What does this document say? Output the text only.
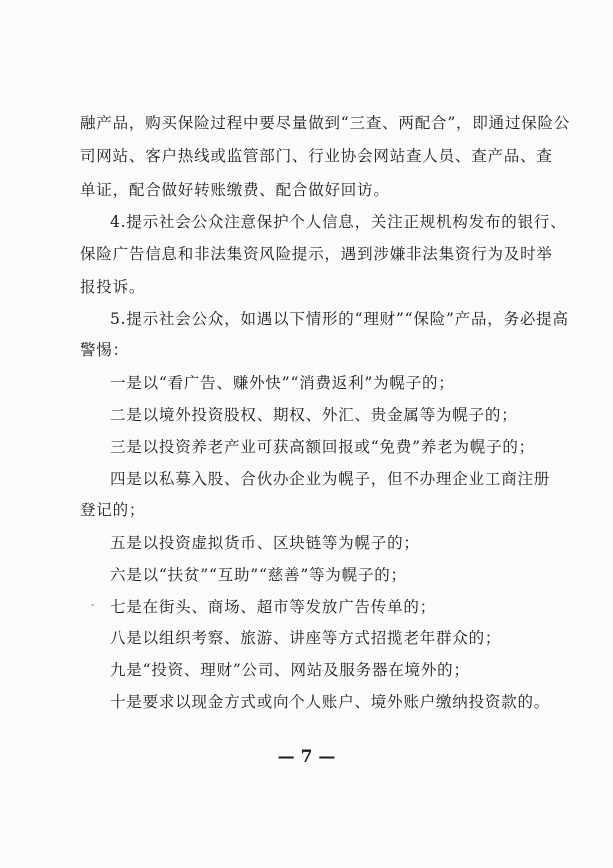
融产品，购买保险过程中要尽量做到“三查、两配合”，即通过保险公
司网站、客户热线或监管部门、行业协会网站查人员、查产品、查
单证，配合做好转账缴费、配合做好回访。
4.提示社会公众注意保护个人信息，关注正规机构发布的银行、
保险广告信息和非法集资风险提示，遇到涉嫌非法集资行为及时举
报投诉。
5.提示社会公众，如遇以下情形的“理财”“保险”产品，务必提高
警惕：
一是以“看广告、赚外快”“消费返利”为幌子的；
二是以境外投资股权、期权、外汇、贵金属等为幌子的；
三是以投资养老产业可获高额回报或“免费”养老为幌子的；
四是以私募入股、合伙办企业为幌子，但不办理企业工商注册
登记的；
五是以投资虚拟货币、区块链等为幌子的；
六是以“扶贫”“互助”“慈善”等为幌子的；
七是在街头、商场、超市等发放广告传单的；
八是以组织考察、旅游、讲座等方式招揽老年群众的；
九是“投资、理财”公司、网站及服务器在境外的；
十是要求以现金方式或向个人账户、境外账户缴纳投资款的。
— 7 —
